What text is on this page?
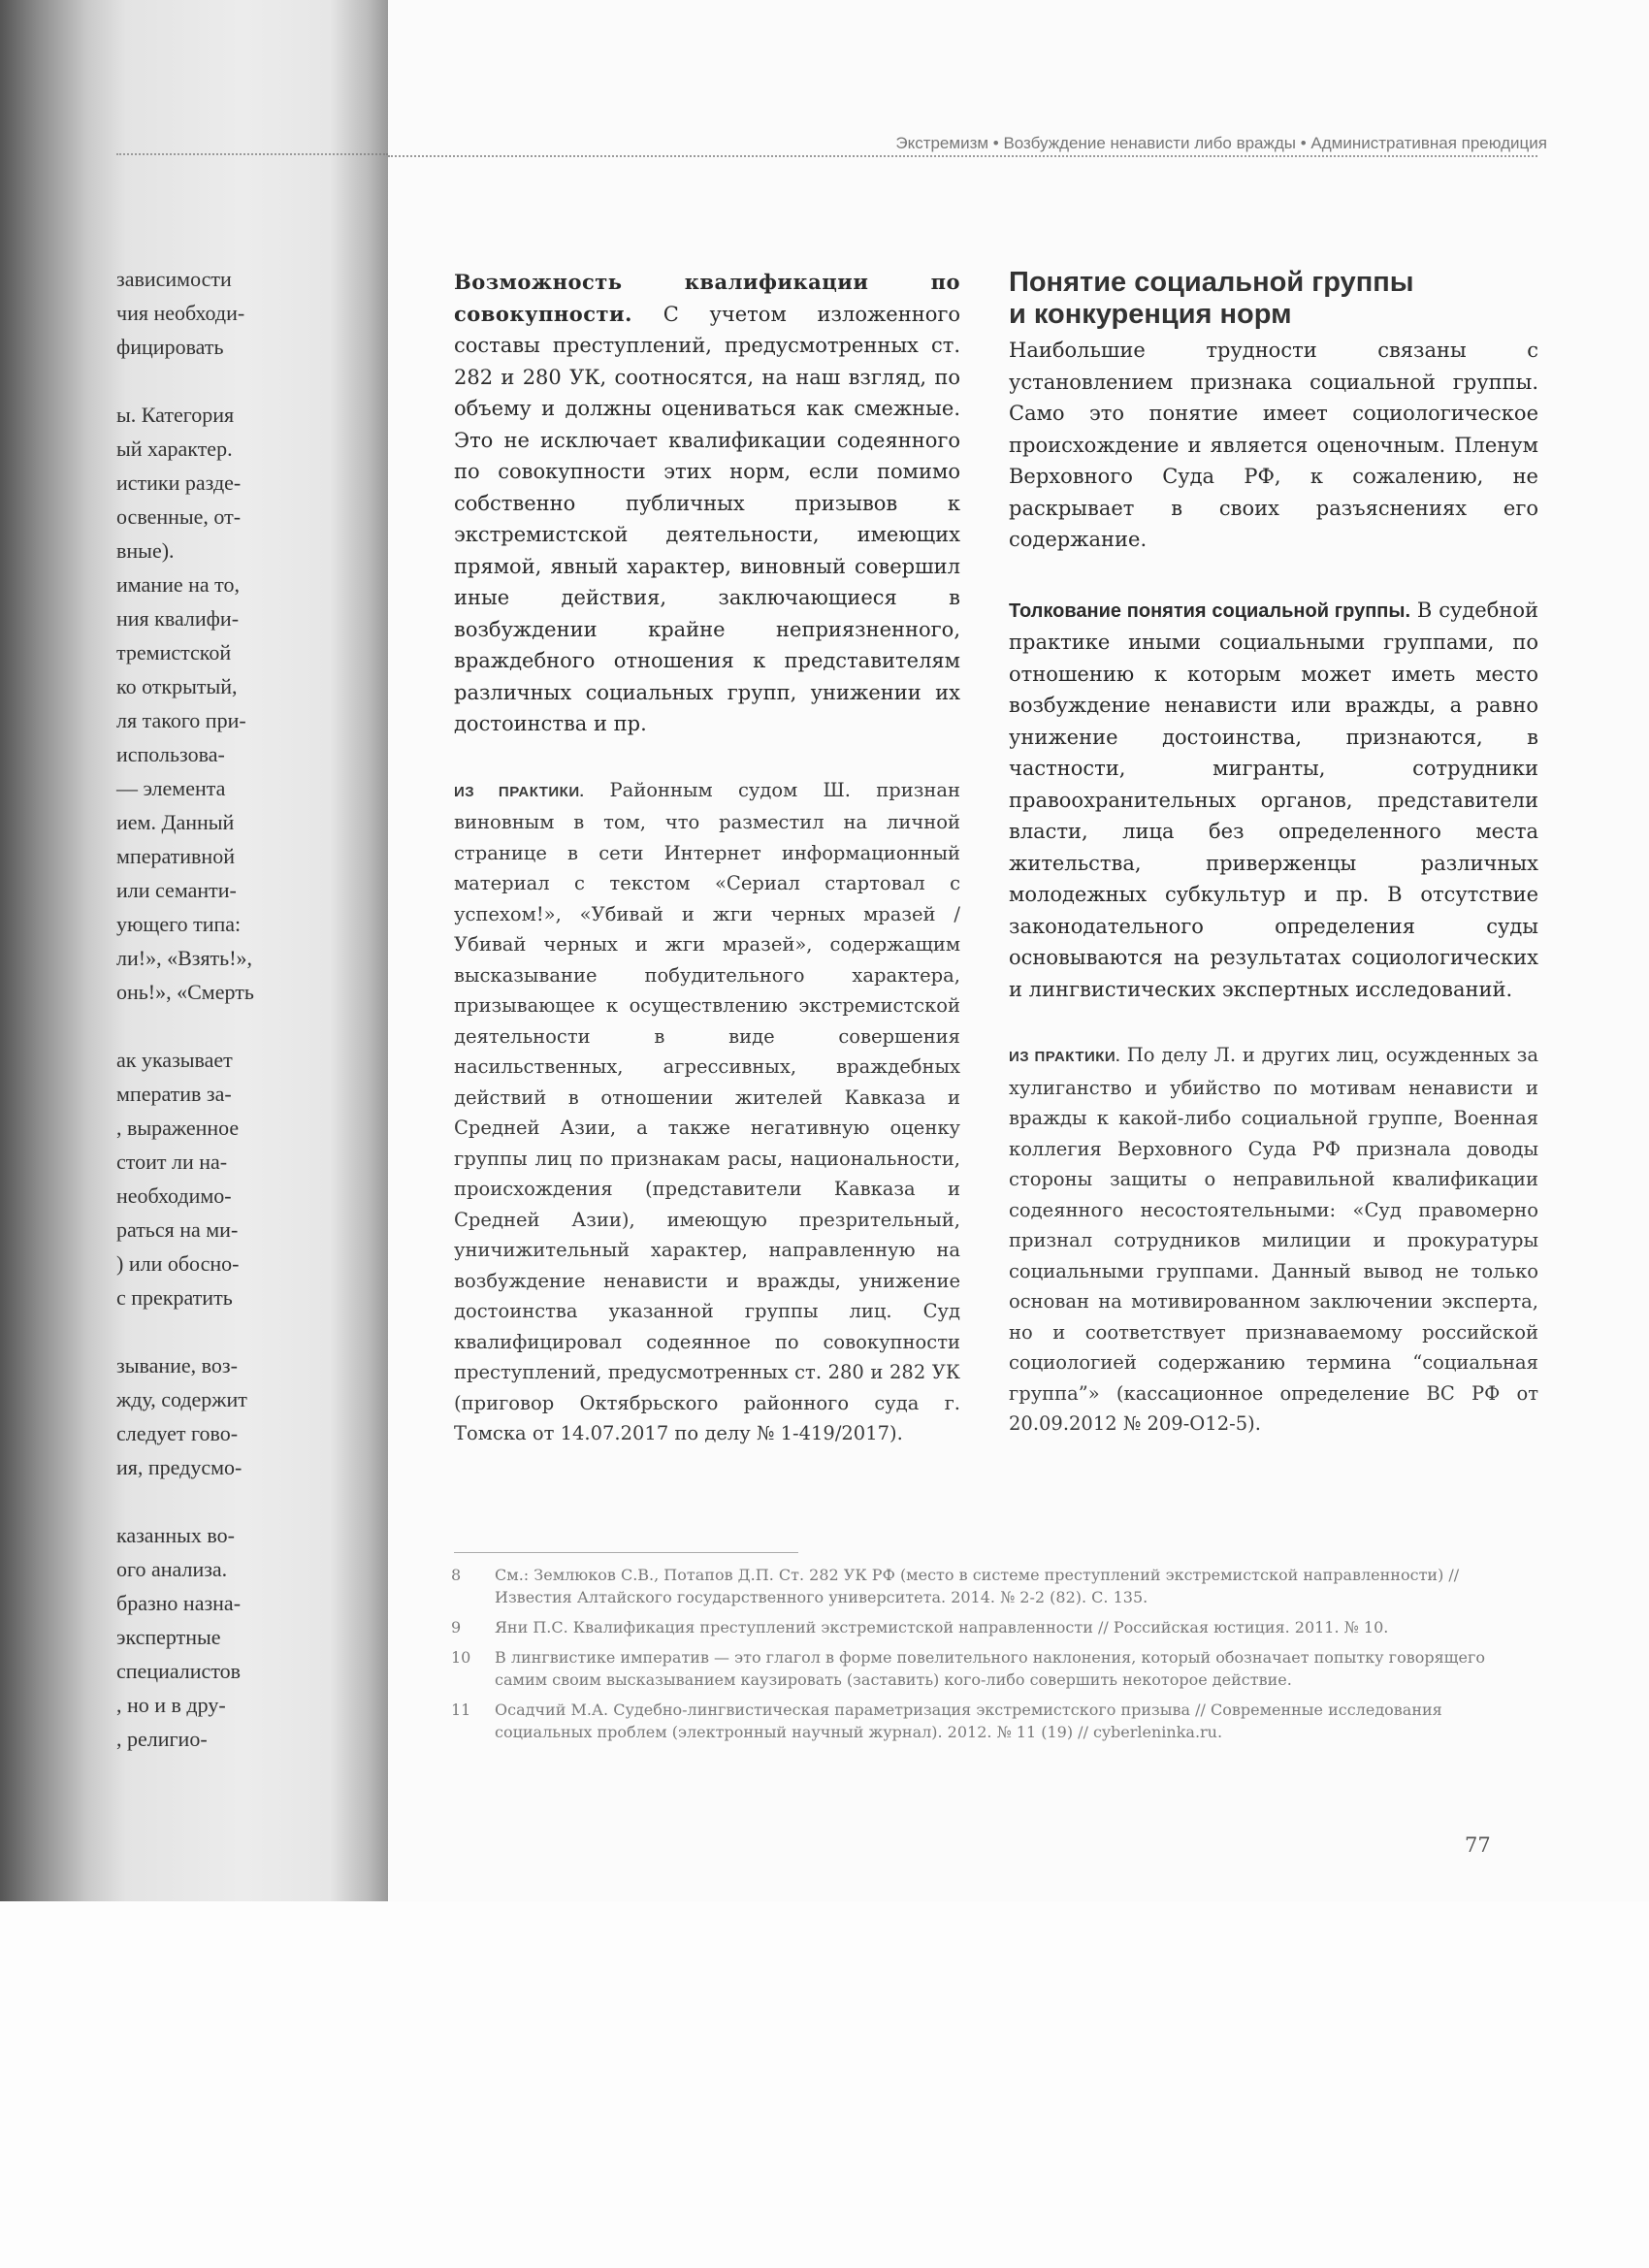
зависимости
чия необходи-
фицировать
ы. Категория
ый характер.
истики разде-
освенные, от-
вные).
имание на то,
ния квалифи-
тремистской
ко открытый,
ля такого при-
использова-
— элемента
ием. Данный
мперативной
или семанти-
ующего типа:
ли!», «Взять!»,
онь!», «Смерть
ак указывает
мператив за-
, выраженное
стоит ли на-
необходимо-
раться на ми-
) или обосно-
с прекратить
зывание, воз-
жду, содержит
следует гово-
ия, предусмо-
казанных во-
ого анализа.
бразно назна-
экспертные
специалистов
, но и в дру-
, религио-
Экстремизм • Возбуждение ненависти либо вражды • Административная преюдиция

Возможность квалификации по совокупности. С учетом изложенного составы преступлений, предусмотренных ст. 282 и 280 УК, соотносятся, на наш взгляд, по объему и должны оцениваться как смежные. Это не исключает квалификации содеянного по совокупности этих норм, если помимо собственно публичных призывов к экстремистской деятельности, имеющих прямой, явный характер, виновный совершил иные действия, заключающиеся в возбуждении крайне неприязненного, враждебного отношения к представителям различных социальных групп, унижении их достоинства и пр.

ИЗ ПРАКТИКИ. Районным судом Ш. признан виновным в том, что разместил на личной странице в сети Интернет информационный материал с текстом «Сериал стартовал с успехом!», «Убивай и жги черных мразей / Убивай черных и жги мразей», содержащим высказывание побудительного характера, призывающее к осуществлению экстремистской деятельности в виде совершения насильственных, агрессивных, враждебных действий в отношении жителей Кавказа и Средней Азии, а также негативную оценку группы лиц по признакам расы, национальности, происхождения (представители Кавказа и Средней Азии), имеющую презрительный, уничижительный характер, направленную на возбуждение ненависти и вражды, унижение достоинства указанной группы лиц. Суд квалифицировал содеянное по совокупности преступлений, предусмотренных ст. 280 и 282 УК (приговор Октябрьского районного суда г. Томска от 14.07.2017 по делу № 1-419/2017).

Понятие социальной группы
и конкуренция норм

Наибольшие трудности связаны с установлением признака социальной группы. Само это понятие имеет социологическое происхождение и является оценочным. Пленум Верховного Суда РФ, к сожалению, не раскрывает в своих разъяснениях его содержание.

Толкование понятия социальной группы. В судебной практике иными социальными группами, по отношению к которым может иметь место возбуждение ненависти или вражды, а равно унижение достоинства, признаются, в частности, мигранты, сотрудники правоохранительных органов, представители власти, лица без определенного места жительства, приверженцы различных молодежных субкультур и пр. В отсутствие законодательного определения суды основываются на результатах социологических и лингвистических экспертных исследований.

ИЗ ПРАКТИКИ. По делу Л. и других лиц, осужденных за хулиганство и убийство по мотивам ненависти и вражды к какой-либо социальной группе, Военная коллегия Верховного Суда РФ признала доводы стороны защиты о неправильной квалификации содеянного несостоятельными: «Суд правомерно признал сотрудников милиции и прокуратуры социальными группами. Данный вывод не только основан на мотивированном заключении эксперта, но и соответствует признаваемому российской социологией содержанию термина “социальная группа”» (кассационное определение ВС РФ от 20.09.2012 № 209-О12-5).

8	См.: Землюков С.В., Потапов Д.П. Ст. 282 УК РФ (место в системе преступлений экстремистской направленности) // Известия Алтайского государственного университета. 2014. № 2-2 (82). С. 135.
9	Яни П.С. Квалификация преступлений экстремистской направленности // Российская юстиция. 2011. № 10.
10	В лингвистике императив — это глагол в форме повелительного наклонения, который обозначает попытку говорящего самим своим высказыванием каузировать (заставить) кого-либо совершить некоторое действие.
11	Осадчий М.А. Судебно-лингвистическая параметризация экстремистского призыва // Современные исследования социальных проблем (электронный научный журнал). 2012. № 11 (19) // cyberleninka.ru.
77
